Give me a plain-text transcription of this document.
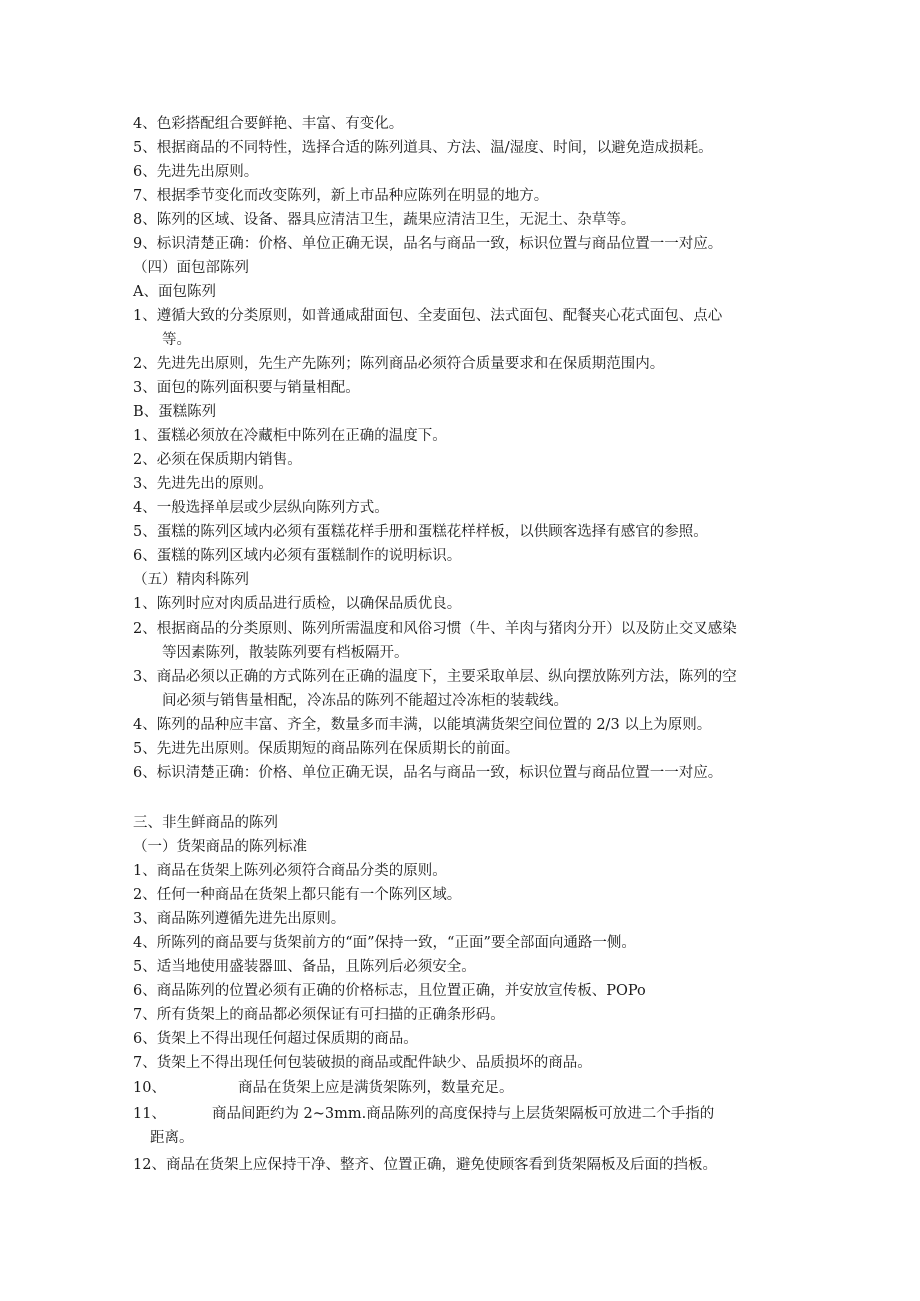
4、色彩搭配组合要鲜艳、丰富、有变化。
5、根据商品的不同特性，选择合适的陈列道具、方法、温/湿度、时间，以避免造成损耗。
6、先进先出原则。
7、根据季节变化而改变陈列，新上市品种应陈列在明显的地方。
8、陈列的区域、设备、器具应清洁卫生，蔬果应清洁卫生，无泥土、杂草等。
9、标识清楚正确：价格、单位正确无误，品名与商品一致，标识位置与商品位置一一对应。
（四）面包部陈列
A、面包陈列
1、遵循大致的分类原则，如普通咸甜面包、全麦面包、法式面包、配餐夹心花式面包、点心
等。
2、先进先出原则，先生产先陈列；陈列商品必须符合质量要求和在保质期范围内。
3、面包的陈列面积要与销量相配。
B、蛋糕陈列
1、蛋糕必须放在冷藏柜中陈列在正确的温度下。
2、必须在保质期内销售。
3、先进先出的原则。
4、一般选择单层或少层纵向陈列方式。
5、蛋糕的陈列区域内必须有蛋糕花样手册和蛋糕花样样板，以供顾客选择有感官的参照。
6、蛋糕的陈列区域内必须有蛋糕制作的说明标识。
（五）精肉科陈列
1、陈列时应对肉质品进行质检，以确保品质优良。
2、根据商品的分类原则、陈列所需温度和风俗习惯（牛、羊肉与猪肉分开）以及防止交叉感染
等因素陈列，散装陈列要有档板隔开。
3、商品必须以正确的方式陈列在正确的温度下，主要采取单层、纵向摆放陈列方法，陈列的空
间必须与销售量相配，冷冻品的陈列不能超过冷冻柜的装载线。
4、陈列的品种应丰富、齐全，数量多而丰满，以能填满货架空间位置的 2/3 以上为原则。
5、先进先出原则。保质期短的商品陈列在保质期长的前面。
6、标识清楚正确：价格、单位正确无误，品名与商品一致，标识位置与商品位置一一对应。
三、非生鲜商品的陈列
（一）货架商品的陈列标准
1、商品在货架上陈列必须符合商品分类的原则。
2、任何一种商品在货架上都只能有一个陈列区域。
3、商品陈列遵循先进先出原则。
4、所陈列的商品要与货架前方的“面”保持一致，“正面”要全部面向通路一侧。
5、适当地使用盛装器皿、备品，且陈列后必须安全。
6、商品陈列的位置必须有正确的价格标志，且位置正确，并安放宣传板、POPo
7、所有货架上的商品都必须保证有可扫描的正确条形码。
6、货架上不得出现任何超过保质期的商品。
7、货架上不得出现任何包装破损的商品或配件缺少、品质损坏的商品。
10、	商品在货架上应是满货架陈列，数量充足。
11、	商品间距约为 2~3mm.商品陈列的高度保持与上层货架隔板可放进二个手指的
距离。
12、商品在货架上应保持干净、整齐、位置正确，避免使顾客看到货架隔板及后面的挡板。
